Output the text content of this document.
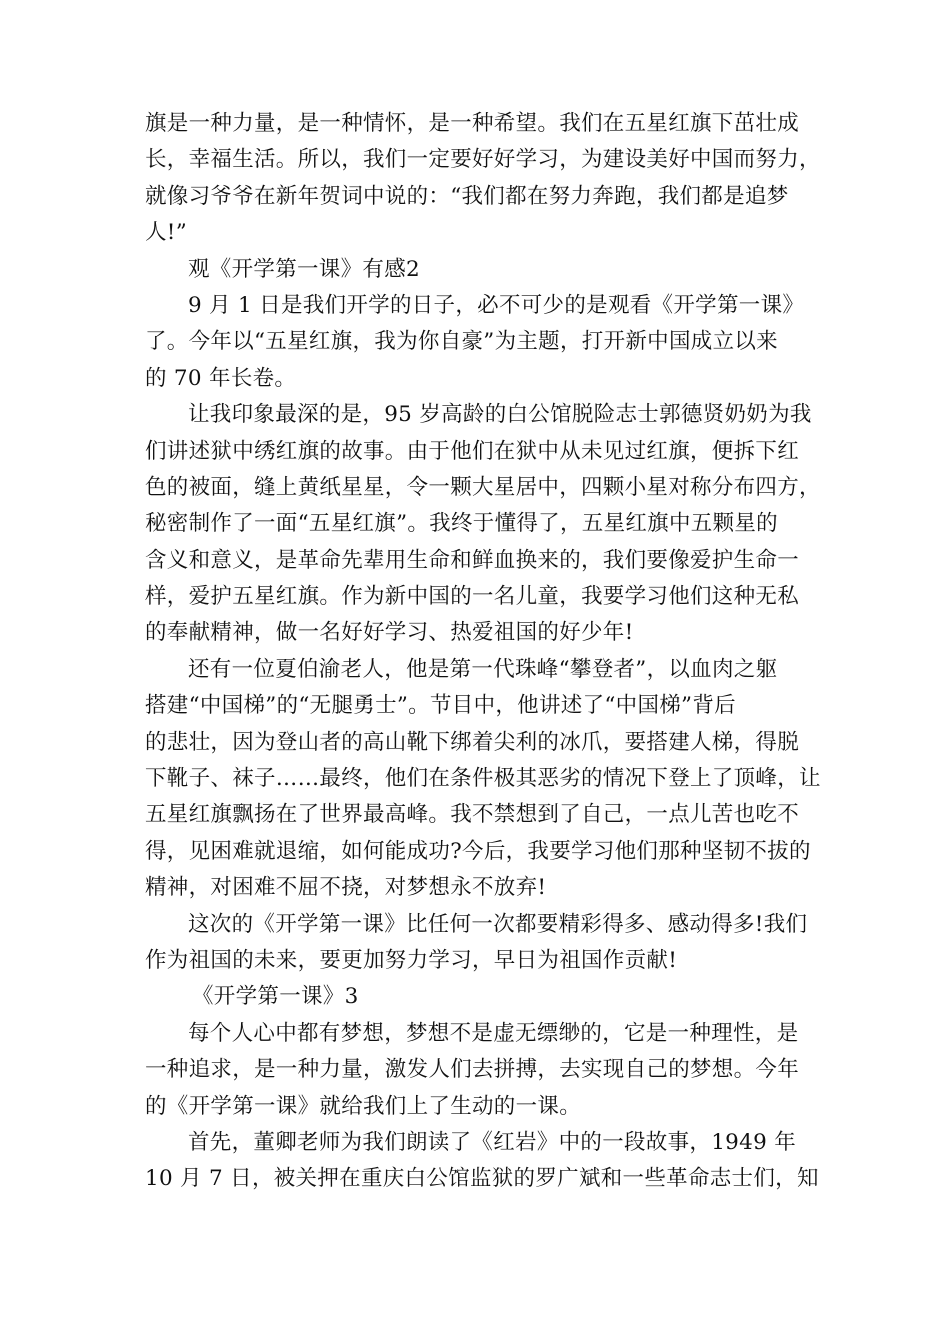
旗是一种力量，是一种情怀，是一种希望。我们在五星红旗下茁壮成
长，幸福生活。所以，我们一定要好好学习，为建设美好中国而努力，
就像习爷爷在新年贺词中说的：“我们都在努力奔跑，我们都是追梦
人!”
观《开学第一课》有感2
9 月 1 日是我们开学的日子，必不可少的是观看《开学第一课》
了。今年以“五星红旗，我为你自豪”为主题，打开新中国成立以来
的 70 年长卷。
让我印象最深的是，95 岁高龄的白公馆脱险志士郭德贤奶奶为我
们讲述狱中绣红旗的故事。由于他们在狱中从未见过红旗，便拆下红
色的被面，缝上黄纸星星，令一颗大星居中，四颗小星对称分布四方，
秘密制作了一面“五星红旗”。我终于懂得了，五星红旗中五颗星的
含义和意义，是革命先辈用生命和鲜血换来的，我们要像爱护生命一
样，爱护五星红旗。作为新中国的一名儿童，我要学习他们这种无私
的奉献精神，做一名好好学习、热爱祖国的好少年!
还有一位夏伯渝老人，他是第一代珠峰“攀登者”，以血肉之躯
搭建“中国梯”的“无腿勇士”。节目中，他讲述了“中国梯”背后
的悲壮，因为登山者的高山靴下绑着尖利的冰爪，要搭建人梯，得脱
下靴子、袜子……最终，他们在条件极其恶劣的情况下登上了顶峰，让
五星红旗飘扬在了世界最高峰。我不禁想到了自己，一点儿苦也吃不
得，见困难就退缩，如何能成功?今后，我要学习他们那种坚韧不拔的
精神，对困难不屈不挠，对梦想永不放弃!
这次的《开学第一课》比任何一次都要精彩得多、感动得多!我们
作为祖国的未来，要更加努力学习，早日为祖国作贡献!
《开学第一课》3
每个人心中都有梦想，梦想不是虚无缥缈的，它是一种理性，是
一种追求，是一种力量，激发人们去拼搏，去实现自己的梦想。今年
的《开学第一课》就给我们上了生动的一课。
首先，董卿老师为我们朗读了《红岩》中的一段故事，1949 年
10 月 7 日，被关押在重庆白公馆监狱的罗广斌和一些革命志士们，知
